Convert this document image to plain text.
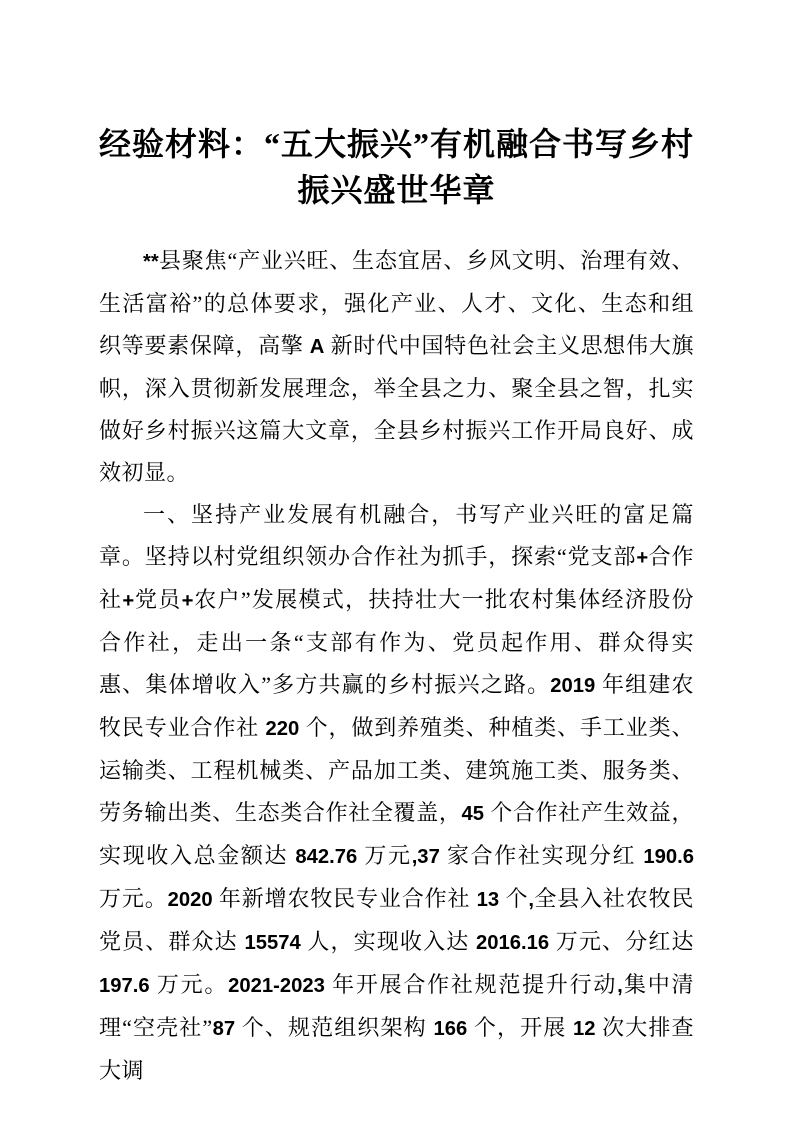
经验材料：“五大振兴”有机融合书写乡村
振兴盛世华章

**县聚焦“产业兴旺、生态宜居、乡风文明、治理有效、生活富裕”的总体要求，强化产业、人才、文化、生态和组织等要素保障，高擎 A 新时代中国特色社会主义思想伟大旗帜，深入贯彻新发展理念，举全县之力、聚全县之智，扎实做好乡村振兴这篇大文章，全县乡村振兴工作开局良好、成效初显。

一、坚持产业发展有机融合，书写产业兴旺的富足篇章。坚持以村党组织领办合作社为抓手，探索“党支部+合作社+党员+农户”发展模式，扶持壮大一批农村集体经济股份合作社，走出一条“支部有作为、党员起作用、群众得实惠、集体增收入”多方共赢的乡村振兴之路。2019 年组建农牧民专业合作社 220 个，做到养殖类、种植类、手工业类、运输类、工程机械类、产品加工类、建筑施工类、服务类、劳务输出类、生态类合作社全覆盖，45 个合作社产生效益，实现收入总金额达 842.76 万元,37 家合作社实现分红 190.6 万元。2020 年新增农牧民专业合作社 13 个,全县入社农牧民党员、群众达 15574 人，实现收入达 2016.16 万元、分红达 197.6 万元。2021-2023 年开展合作社规范提升行动,集中清理“空壳社”87 个、规范组织架构 166 个，开展 12 次大排查大调
